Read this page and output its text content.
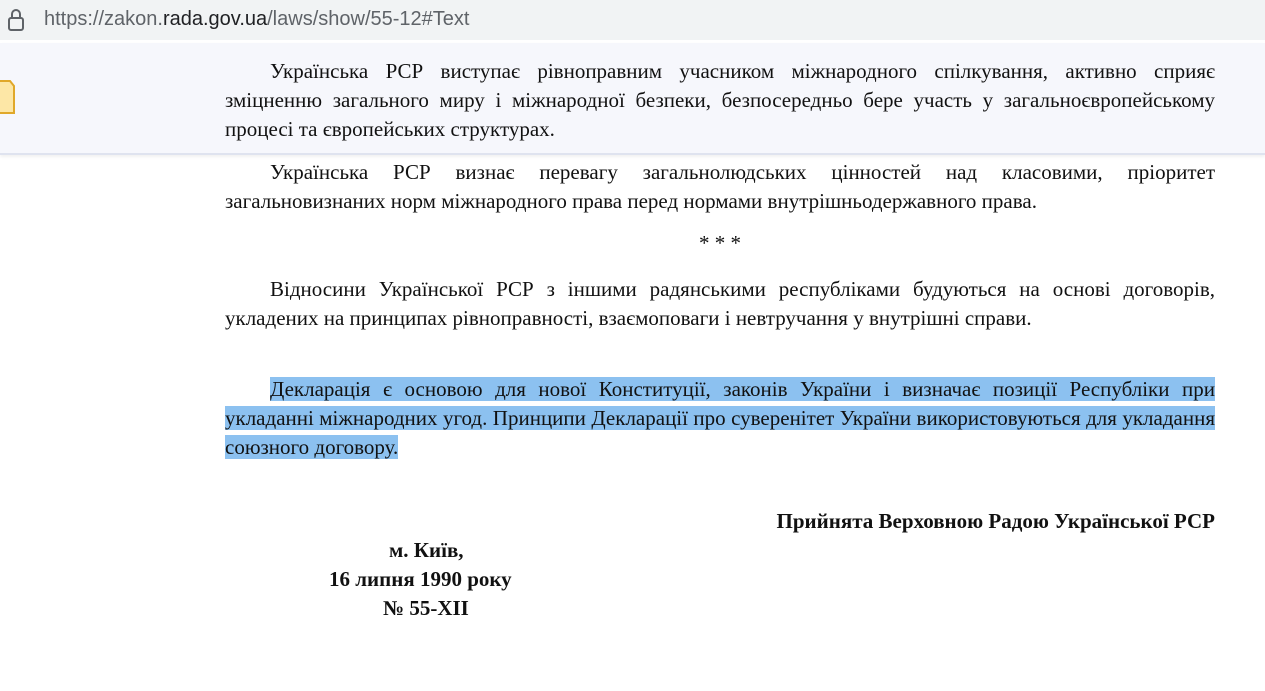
https://zakon.rada.gov.ua/laws/show/55-12#Text

Українська РСР виступає рівноправним учасником міжнародного спілкування, активно сприяє зміцненню загального миру і міжнародної безпеки, безпосередньо бере участь у загальноєвропейському процесі та європейських структурах.

Українська РСР визнає перевагу загальнолюдських цінностей над класовими, пріоритет загальновизнаних норм міжнародного права перед нормами внутрішньодержавного права.

* * *

Відносини Української РСР з іншими радянськими республіками будуються на основі договорів, укладених на принципах рівноправності, взаємоповаги і невтручання у внутрішні справи.

Декларація є основою для нової Конституції, законів України і визначає позиції Республіки при укладанні міжнародних угод. Принципи Декларації про суверенітет України використовуються для укладання союзного договору.

Прийнята Верховною Радою Української РСР
м. Київ,
16 липня 1990 року
№ 55-XII
